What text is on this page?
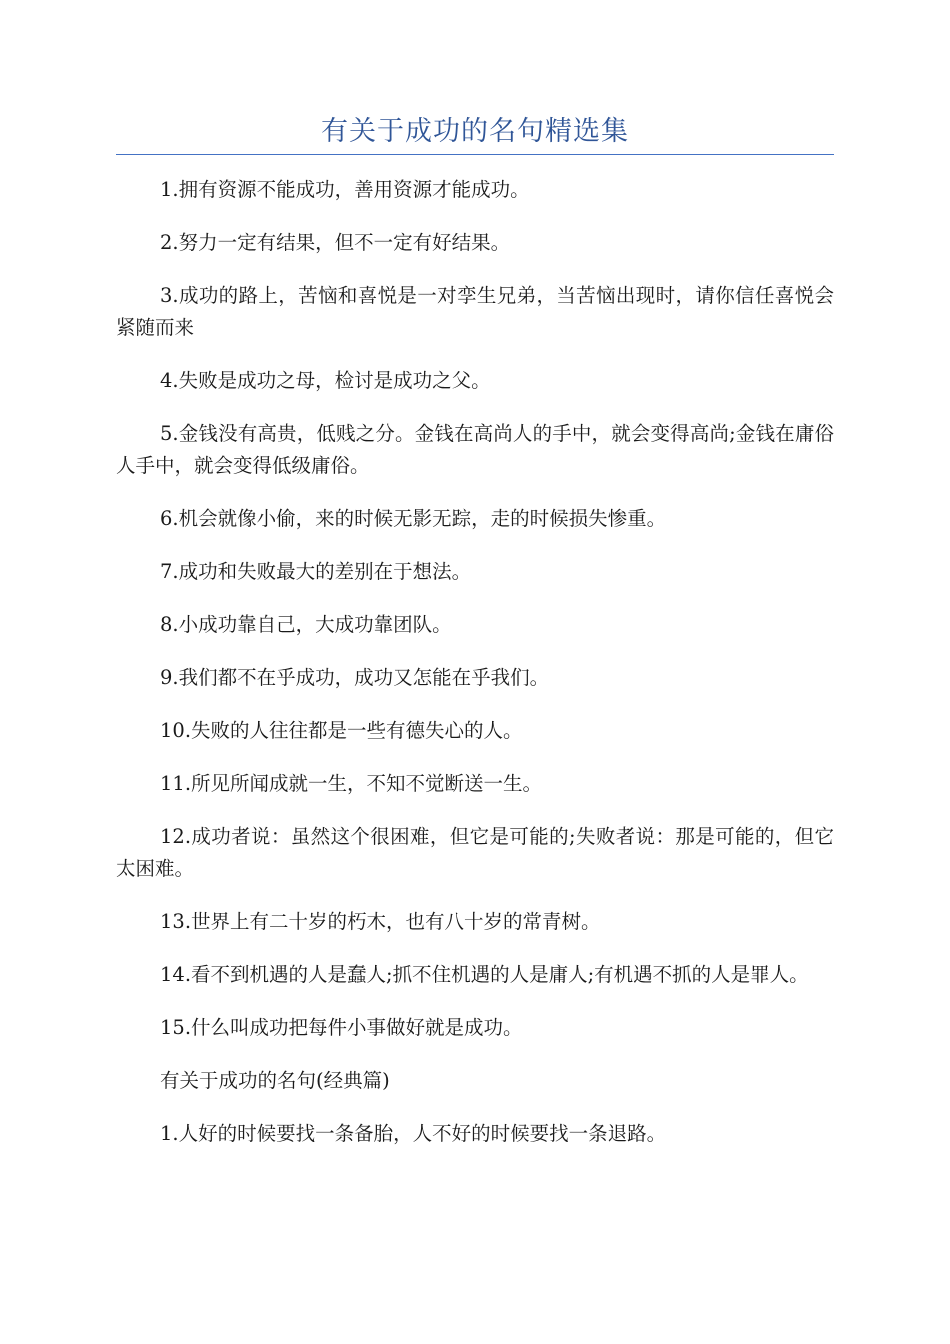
有关于成功的名句精选集

1.拥有资源不能成功，善用资源才能成功。

2.努力一定有结果，但不一定有好结果。

3.成功的路上，苦恼和喜悦是一对孪生兄弟，当苦恼出现时，请你信任喜悦会紧随而来

4.失败是成功之母，检讨是成功之父。

5.金钱没有高贵，低贱之分。金钱在高尚人的手中，就会变得高尚;金钱在庸俗人手中，就会变得低级庸俗。

6.机会就像小偷，来的时候无影无踪，走的时候损失惨重。

7.成功和失败最大的差别在于想法。

8.小成功靠自己，大成功靠团队。

9.我们都不在乎成功，成功又怎能在乎我们。

10.失败的人往往都是一些有德失心的人。

11.所见所闻成就一生，不知不觉断送一生。

12.成功者说：虽然这个很困难，但它是可能的;失败者说：那是可能的，但它太困难。

13.世界上有二十岁的朽木，也有八十岁的常青树。

14.看不到机遇的人是蠢人;抓不住机遇的人是庸人;有机遇不抓的人是罪人。

15.什么叫成功把每件小事做好就是成功。

有关于成功的名句(经典篇)

1.人好的时候要找一条备胎，人不好的时候要找一条退路。
